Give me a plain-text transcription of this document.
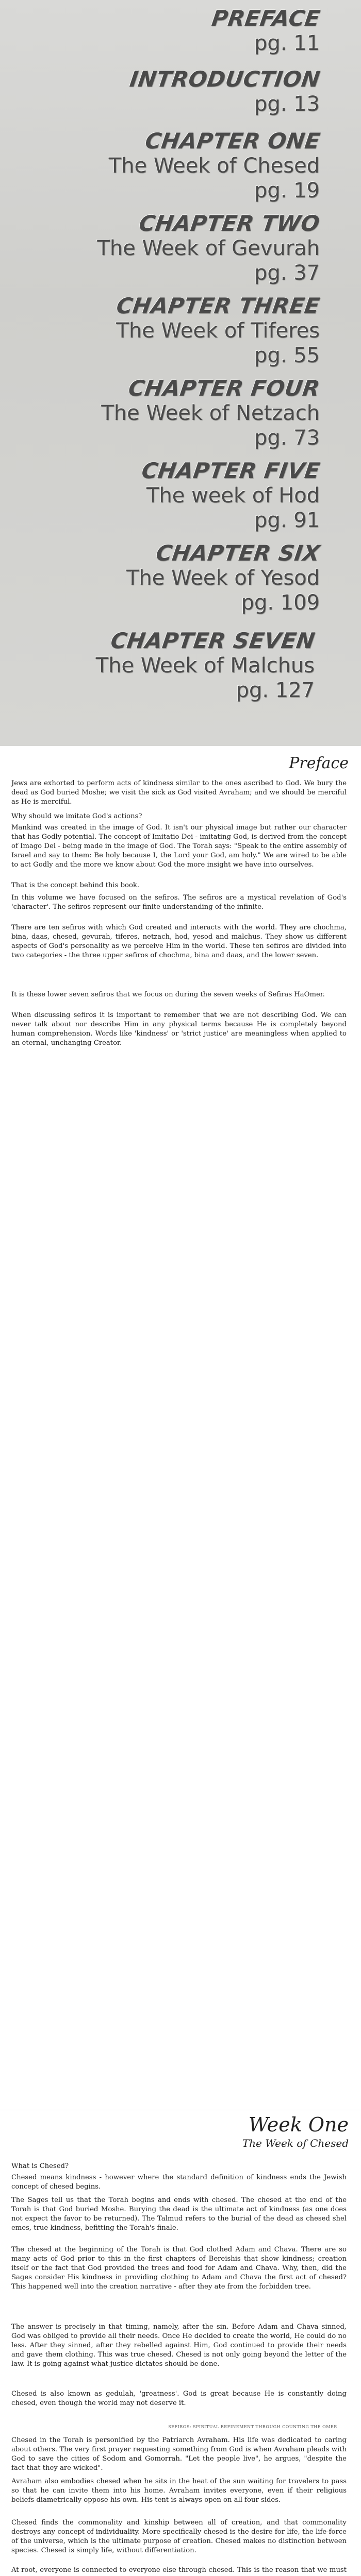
PREFACE
pg. 11
INTRODUCTION
pg. 13
CHAPTER ONE
The Week of Chesed
pg. 19
CHAPTER TWO
The Week of Gevurah
pg. 37
CHAPTER THREE
The Week of Tiferes
pg. 55
CHAPTER FOUR
The Week of Netzach
pg. 73
CHAPTER FIVE
The week of Hod
pg. 91
CHAPTER SIX
The Week of Yesod
pg. 109
CHAPTER SEVEN
The Week of Malchus
pg. 127
Preface

Jews are exhorted to perform acts of kindness similar to the ones ascribed to God. We bury the dead as God buried Moshe; we visit the sick as God visited Avraham; and we should be merciful as He is merciful.

Why should we imitate God's actions?

Mankind was created in the image of God. It isn't our physical image but rather our character that has Godly potential. The concept of Imitatio Dei - imitating God, is derived from the concept of Imago Dei - being made in the image of God. The Torah says: "Speak to the entire assembly of Israel and say to them: Be holy because I, the Lord your God, am holy." We are wired to be able to act Godly and the more we know about God the more insight we have into ourselves.

That is the concept behind this book.

In this volume we have focused on the sefiros. The sefiros are a mystical revelation of God's 'character'. The sefiros represent our finite understanding of the infinite.

There are ten sefiros with which God created and interacts with the world. They are chochma, bina, daas, chesed, gevurah, tiferes, netzach, hod, yesod and malchus. They show us different aspects of God's personality as we perceive Him in the world. These ten sefiros are divided into two categories - the three upper sefiros of chochma, bina and daas, and the lower seven.

It is these lower seven sefiros that we focus on during the seven weeks of Sefiras HaOmer.

When discussing sefiros it is important to remember that we are not describing God. We can never talk about nor describe Him in any physical terms because He is completely beyond human comprehension. Words like 'kindness' or 'strict justice' are meaningless when applied to an eternal, unchanging Creator.

Week One
The Week of Chesed

What is Chesed?

Chesed means kindness - however where the standard definition of kindness ends the Jewish concept of chesed begins.

The Sages tell us that the Torah begins and ends with chesed. The chesed at the end of the Torah is that God buried Moshe. Burying the dead is the ultimate act of kindness (as one does not expect the favor to be returned). The Talmud refers to the burial of the dead as chesed shel emes, true kindness, befitting the Torah's finale.

The chesed at the beginning of the Torah is that God clothed Adam and Chava. There are so many acts of God prior to this in the first chapters of Bereishis that show kindness; creation itself or the fact that God provided the trees and food for Adam and Chava. Why, then, did the Sages consider His kindness in providing clothing to Adam and Chava the first act of chesed? This happened well into the creation narrative - after they ate from the forbidden tree.

The answer is precisely in that timing, namely, after the sin. Before Adam and Chava sinned, God was obliged to provide all their needs. Once He decided to create the world, He could do no less. After they sinned, after they rebelled against Him, God continued to provide their needs and gave them clothing. This was true chesed. Chesed is not only going beyond the letter of the law. It is going against what justice dictates should be done.

Chesed is also known as gedulah, 'greatness'. God is great because He is constantly doing chesed, even though the world may not deserve it.

SEFIROS: SPIRITUAL REFINEMENT THROUGH COUNTING THE OMER

Chesed in the Torah is personified by the Patriarch Avraham. His life was dedicated to caring about others. The very first prayer requesting something from God is when Avraham pleads with God to save the cities of Sodom and Gomorrah. "Let the people live", he argues, "despite the fact that they are wicked".

Avraham also embodies chesed when he sits in the heat of the sun waiting for travelers to pass so that he can invite them into his home. Avraham invites everyone, even if their religious beliefs diametrically oppose his own. His tent is always open on all four sides.

Chesed finds the commonality and kinship between all of creation, and that commonality destroys any concept of individuality. More specifically chesed is the desire for life, the life-force of the universe, which is the ultimate purpose of creation. Chesed makes no distinction between species. Chesed is simply life, without differentiation.

At root, everyone is connected to everyone else through chesed. This is the reason that we must
